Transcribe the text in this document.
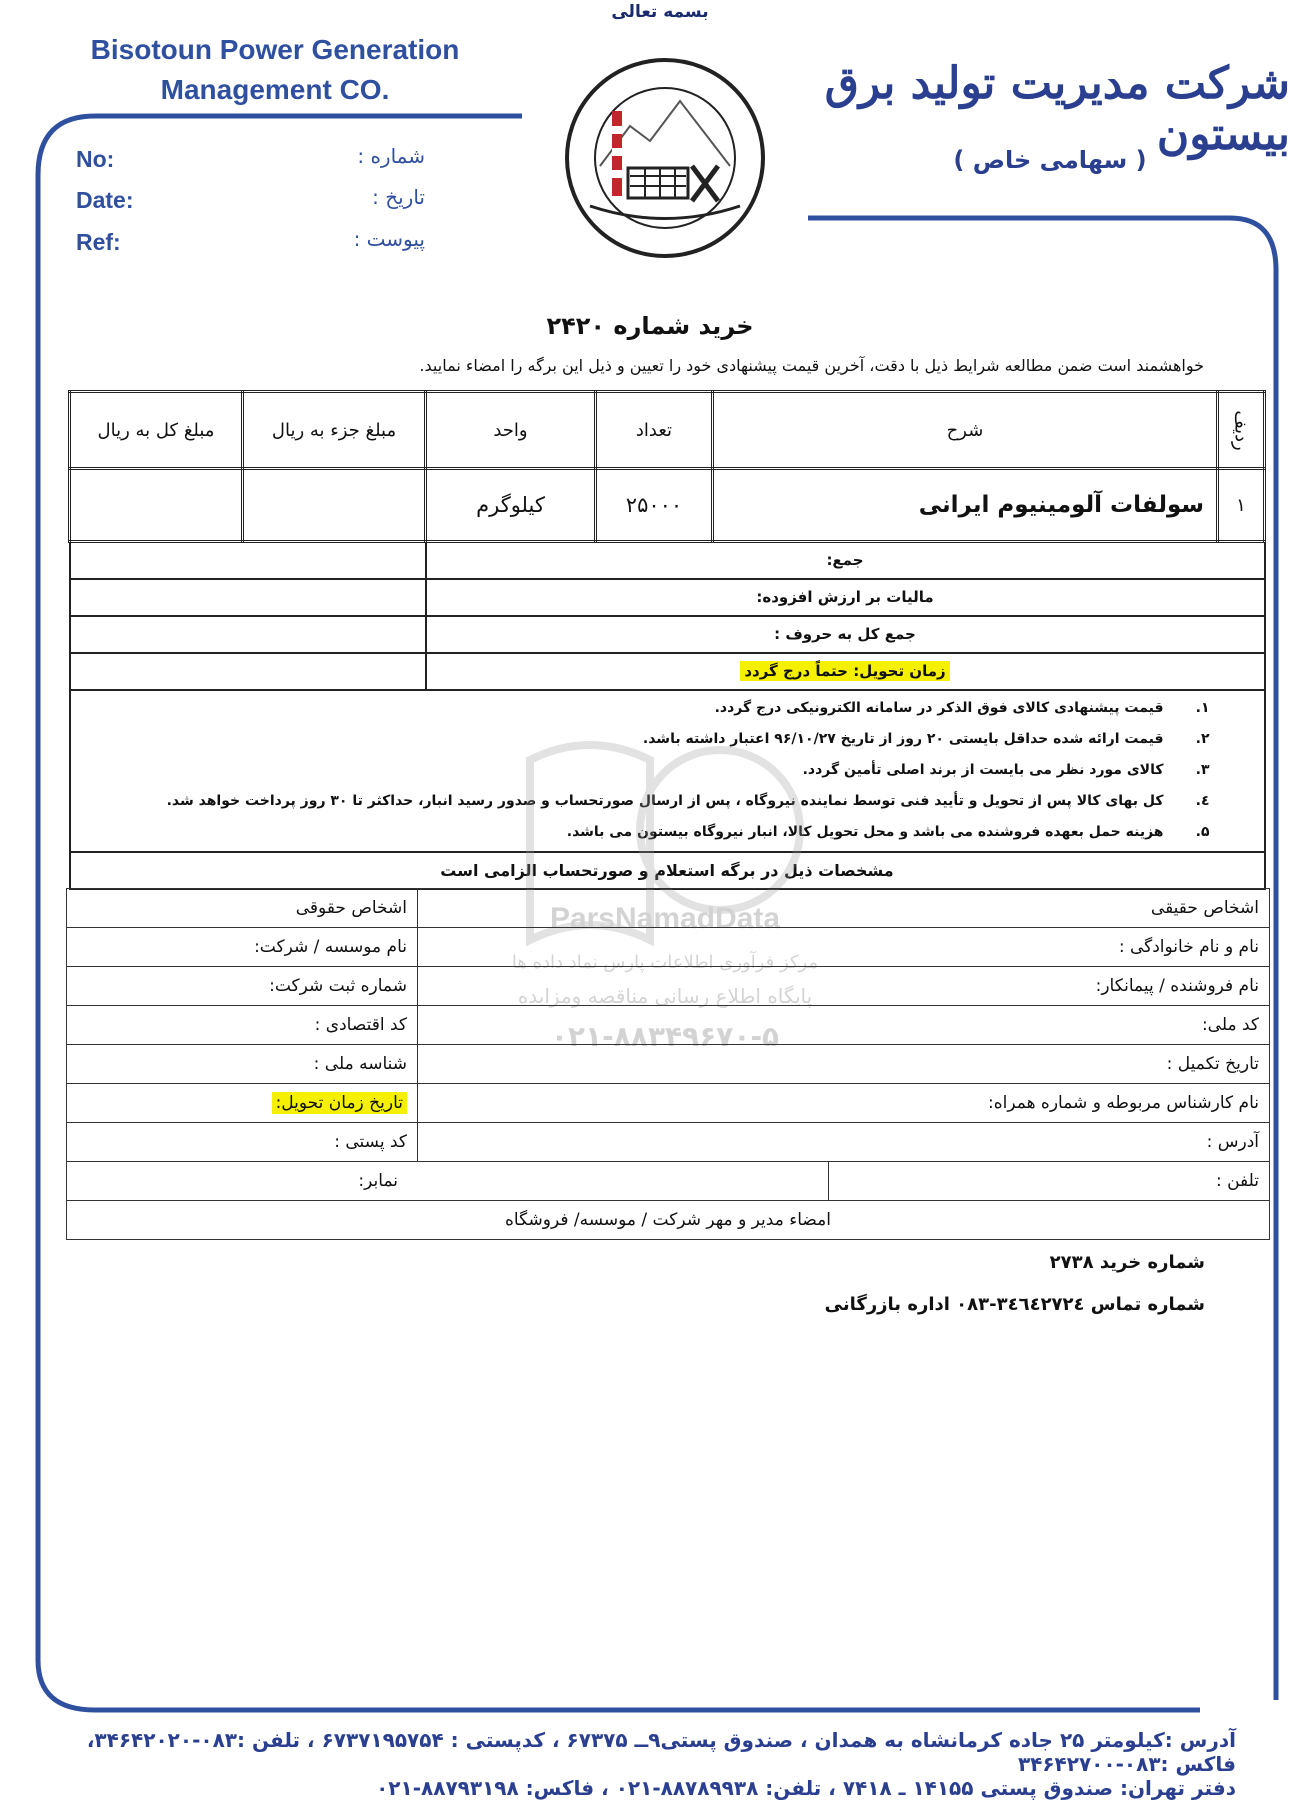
بسمه تعالی
Bisotoun Power Generation
Management CO.	شرکت مدیریت تولید برق بیستون
( سهامی خاص )
No:	شماره :
Date:	تاریخ :
Ref:	پیوست :
خرید شماره ۲۴۲۰
خواهشمند است ضمن مطالعه شرایط ذیل با دقت، آخرین قیمت پیشنهادی خود را تعیین و ذیل این برگه را امضاء نمایید.
ردیف	شرح	تعداد	واحد	مبلغ جزء به ریال	مبلغ کل به ریال
۱	سولفات آلومینیوم ایرانی	۲۵۰۰۰	کیلوگرم		
جمع:					
مالیات بر ارزش افزوده:					
جمع کل به حروف :					
زمان تحویل: حتماً درج گردد					

۱.قیمت پیشنهادی کالای فوق الذکر در سامانه الکترونیکی درج گردد.
۲.قیمت ارائه شده حداقل بایستی ۲۰ روز از تاریخ ۹۶/۱۰/۲۷ اعتبار داشته باشد.
۳.کالای مورد نظر می بایست از برند اصلی تأمین گردد.
٤.کل بهای کالا پس از تحویل و تأیید فنی توسط نماینده نیروگاه ، پس از ارسال صورتحساب و صدور رسید انبار، حداکثر تا ۳۰ روز پرداخت خواهد شد.
۵.هزینه حمل بعهده فروشنده می باشد و محل تحویل کالا، انبار نیروگاه بیستون می باشد.					

مشخصات ذیل در برگه استعلام و صورتحساب الزامی است					
ParsNamadData
مرکز فرآوری اطلاعات پارس نماد داده ها
پایگاه اطلاع رسانی مناقصه ومزایده
۰۲۱-۸۸۳۴۹۶۷۰-۵
اشخاص حقیقی		اشخاص حقوقی
نام و نام خانوادگی :		نام موسسه / شرکت:
نام فروشنده / پیمانکار:		شماره ثبت شرکت:
کد ملی:		کد اقتصادی :
تاریخ تکمیل :		شناسه ملی :
نام کارشناس مربوطه و شماره همراه:		تاریخ زمان تحویل:
آدرس :		کد پستی :
تلفن :	نمابر:	
امضاء مدیر و مهر شرکت / موسسه/ فروشگاه		
شماره خرید ۲۷۳۸
شماره تماس ۳٤٦٤۲۷۲٤-۰۸۳ اداره بازرگانی
آدرس :کیلومتر ۲۵ جاده کرمانشاه به همدان ، صندوق پستی۹ــ ۶۷۳۷۵ ، کدپستی : ۶۷۳۷۱۹۵۷۵۴ ، تلفن :۰۸۳-۳۴۶۴۲۰۲۰، فاکس :۰۸۳-۳۴۶۴۲۷۰۰
دفتر تهران: صندوق پستی ۱۴۱۵۵ ـ ۷۴۱۸ ، تلفن: ۸۸۷۸۹۹۳۸-۰۲۱ ، فاکس: ۸۸۷۹۳۱۹۸-۰۲۱
